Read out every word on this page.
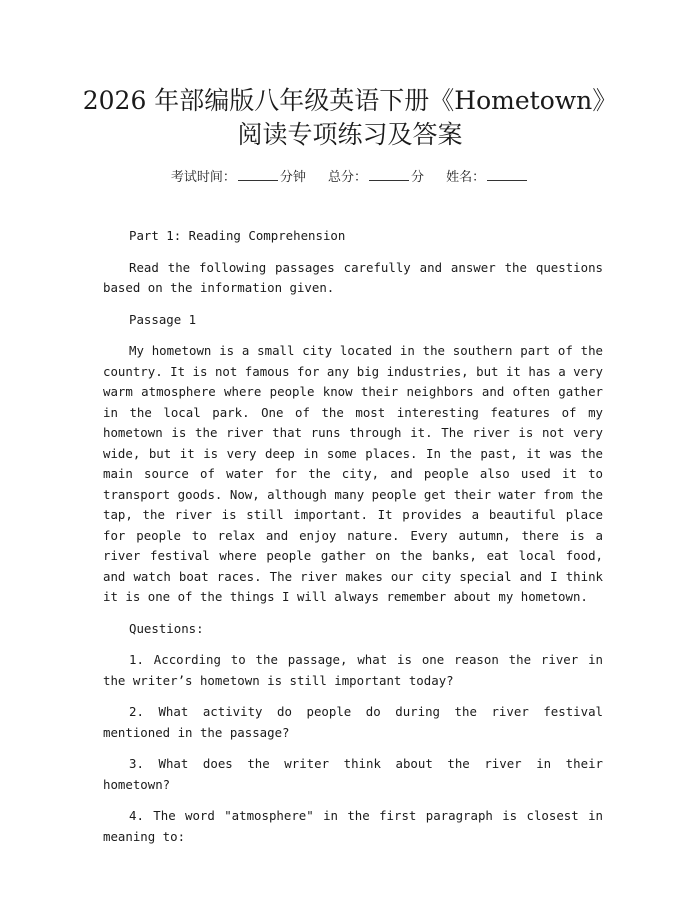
2026 年部编版八年级英语下册《Hometown》
阅读专项练习及答案
考试时间：	分钟 总分：	分 姓名：

Part 1: Reading Comprehension

Read the following passages carefully and answer the questions based on the information given.

Passage 1

My hometown is a small city located in the southern part of the country. It is not famous for any big industries, but it has a very warm atmosphere where people know their neighbors and often gather in the local park. One of the most interesting features of my hometown is the river that runs through it. The river is not very wide, but it is very deep in some places. In the past, it was the main source of water for the city, and people also used it to transport goods. Now, although many people get their water from the tap, the river is still important. It provides a beautiful place for people to relax and enjoy nature. Every autumn, there is a river festival where people gather on the banks, eat local food, and watch boat races. The river makes our city special and I think it is one of the things I will always remember about my hometown.

Questions:

1. According to the passage, what is one reason the river in the writer’s hometown is still important today?

2. What activity do people do during the river festival mentioned in the passage?

3. What does the writer think about the river in their hometown?

4. The word "atmosphere" in the first paragraph is closest in meaning to:
